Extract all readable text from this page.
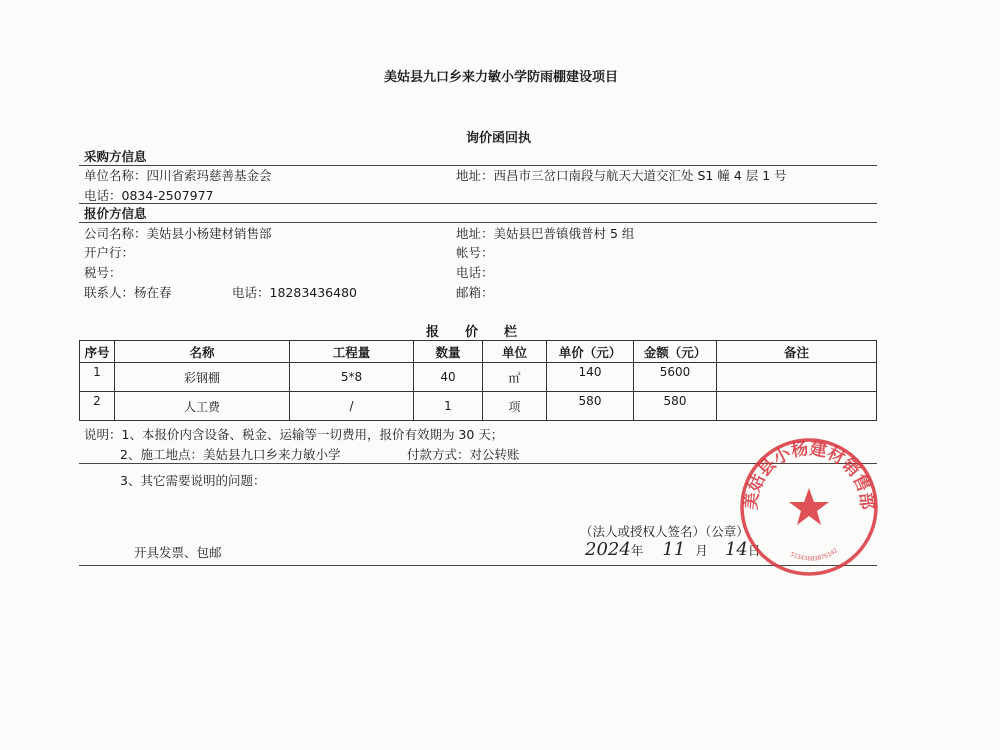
美姑县九口乡来力敏小学防雨棚建设项目
询价函回执
采购方信息
单位名称：四川省索玛慈善基金会	地址：西昌市三岔口南段与航天大道交汇处 S1 幢 4 层 1 号
电话：0834-2507977
报价方信息
公司名称：美姑县小杨建材销售部	地址：美姑县巴普镇俄普村 5 组
开户行：	帐号：
税号：	电话：
联系人：杨在春	电话：18283436480	邮箱：
报　　价　　栏
序号	名称	工程量	数量	单位	单价（元）	金额（元）	备注
1	彩钢棚	5*8	40	㎡	140	5600	
2	人工费	/	1	项	580	580	
说明：1、本报价内含设备、税金、运输等一切费用，报价有效期为 30 天；
2、施工地点：美姑县九口乡来力敏小学	付款方式：对公转账
3、其它需要说明的问题：
开具发票、包邮
（法人或授权人签名）（公章）
2024年 11 月 14日
美姑县小杨建材销售部
51343683076142
